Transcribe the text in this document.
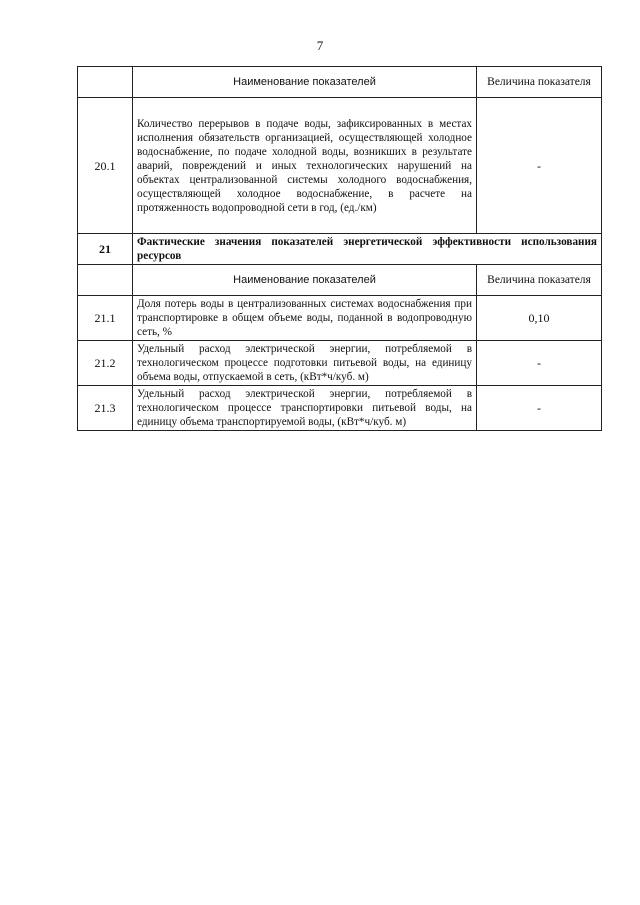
7
	Наименование показателей	Величина показателя
20.1	Количество перерывов в подаче воды, зафиксированных в местах исполнения обязательств организацией, осуществляющей холодное водоснабжение, по подаче холодной воды, возникших в результате аварий, повреждений и иных технологических нарушений на объектах централизованной системы холодного водоснабжения, осуществляющей холодное водоснабжение, в расчете на протяженность водопроводной сети в год, (ед./км)	-
21	Фактические значения показателей энергетической эффективности использования ресурсов	
	Наименование показателей	Величина показателя
21.1	Доля потерь воды в централизованных системах водоснабжения при транспортировке в общем объеме воды, поданной в водопроводную сеть, %	0,10
21.2	Удельный расход электрической энергии, потребляемой в технологическом процессе подготовки питьевой воды, на единицу объема воды, отпускаемой в сеть, (кВт*ч/куб. м)	-
21.3	Удельный расход электрической энергии, потребляемой в технологическом процессе транспортировки питьевой воды, на единицу объема транспортируемой воды, (кВт*ч/куб. м)	-
